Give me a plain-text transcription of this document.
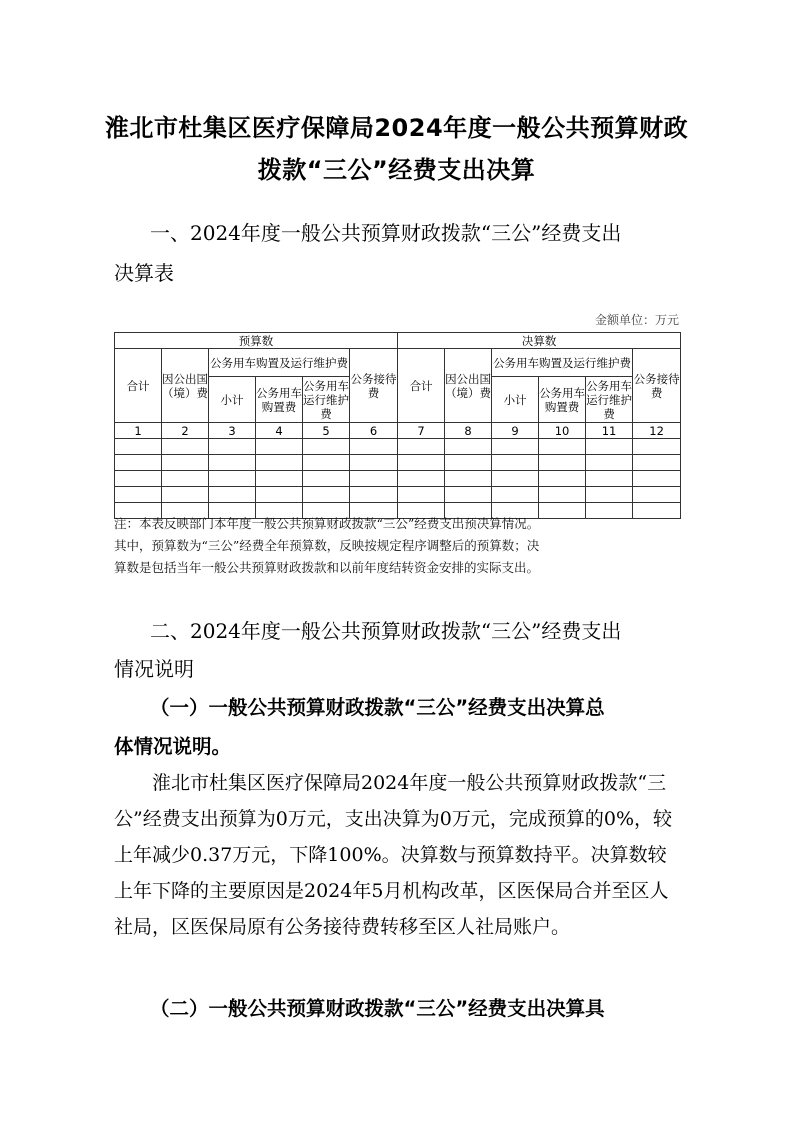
淮北市杜集区医疗保障局2024年度一般公共预算财政
拨款“三公”经费支出决算
一、2024年度一般公共预算财政拨款“三公”经费支出
决算表
金额单位：万元
预算数						决算数					
合计	因公出国（境）费	公务用车购置及运行维护费			公务接待费	合计	因公出国（境）费	公务用车购置及运行维护费			公务接待费
		小计	公务用车购置费	公务用车运行维护费				小计	公务用车购置费	公务用车运行维护费	
1	2	3	4	5	6	7	8	9	10	11	12

注：本表反映部门本年度一般公共预算财政拨款“三公”经费支出预决算情况。
其中，预算数为“三公”经费全年预算数，反映按规定程序调整后的预算数；决
算数是包括当年一般公共预算财政拨款和以前年度结转资金安排的实际支出。
二、2024年度一般公共预算财政拨款“三公”经费支出
情况说明
（一）一般公共预算财政拨款“三公”经费支出决算总
体情况说明。
淮北市杜集区医疗保障局2024年度一般公共预算财政拨款“三公”经费支出预算为0万元，支出决算为0万元，完成预算的0%，较上年减少0.37万元，下降100%。决算数与预算数持平。决算数较上年下降的主要原因是2024年5月机构改革，区医保局合并至区人社局，区医保局原有公务接待费转移至区人社局账户。
（二）一般公共预算财政拨款“三公”经费支出决算具
